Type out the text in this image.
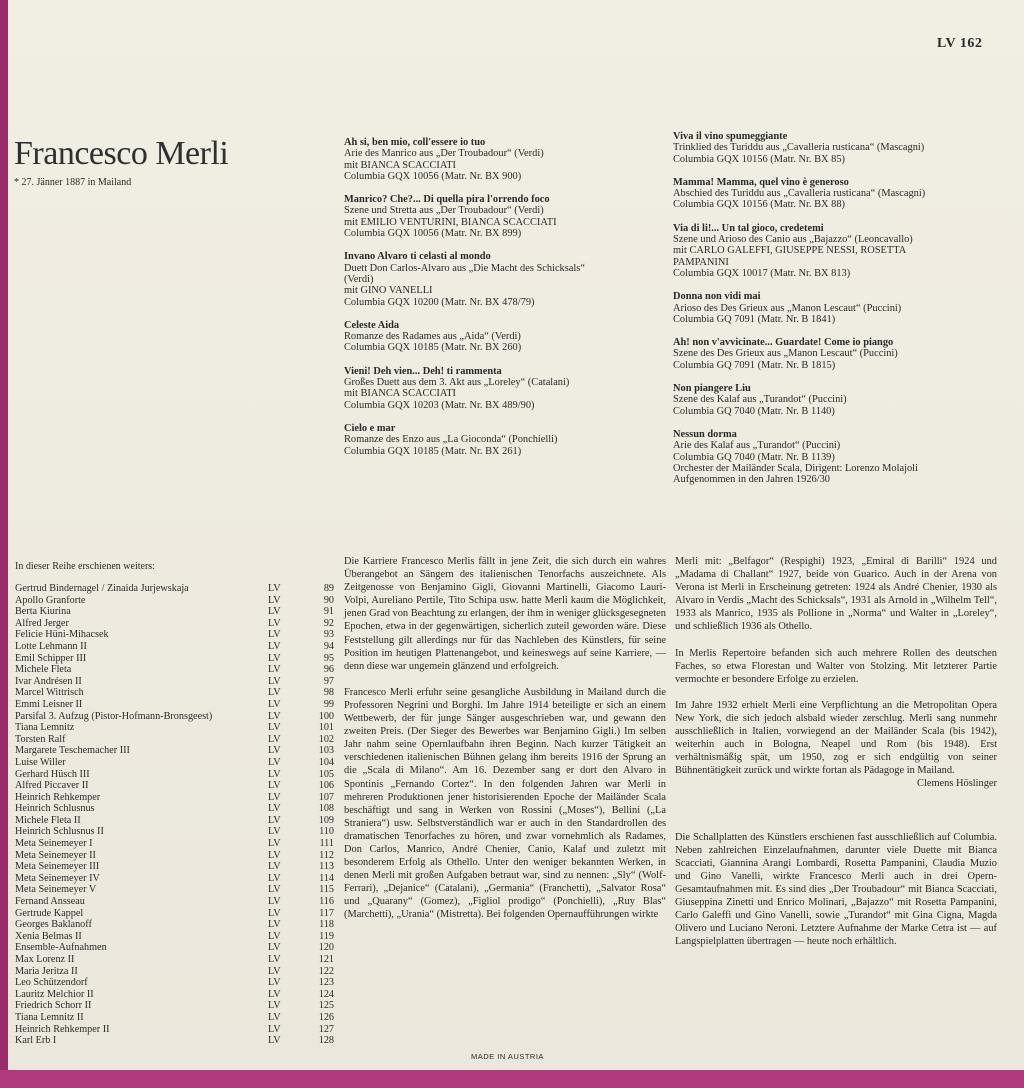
LV 162
Francesco Merli
* 27. Jänner 1887 in Mailand
Ah si, ben mio, coll'essere io tuo
Arie des Manrico aus „Der Troubadour“ (Verdi)
mit BIANCA SCACCIATI
Columbia GQX 10056 (Matr. Nr. BX 900)
Manrico? Che?... Di quella pira l'orrendo foco
Szene und Stretta aus „Der Troubadour“ (Verdi)
mit EMILIO VENTURINI, BIANCA SCACCIATI
Columbia GQX 10056 (Matr. Nr. BX 899)
Invano Alvaro ti celasti al mondo
Duett Don Carlos-Alvaro aus „Die Macht des Schicksals“
(Verdi)
mit GINO VANELLI
Columbia GQX 10200 (Matr. Nr. BX 478/79)
Celeste Aida
Romanze des Radames aus „Aida“ (Verdi)
Columbia GQX 10185 (Matr. Nr. BX 260)
Vieni! Deh vien... Deh! ti rammenta
Großes Duett aus dem 3. Akt aus „Loreley“ (Catalani)
mit BIANCA SCACCIATI
Columbia GQX 10203 (Matr. Nr. BX 489/90)
Cielo e mar
Romanze des Enzo aus „La Gioconda“ (Ponchielli)
Columbia GQX 10185 (Matr. Nr. BX 261)
Viva il vino spumeggiante
Trinklied des Turiddu aus „Cavalleria rusticana“ (Mascagni)
Columbia GQX 10156 (Matr. Nr. BX 85)
Mamma! Mamma, quel vino è generoso
Abschied des Turiddu aus „Cavalleria rusticana“ (Mascagni)
Columbia GQX 10156 (Matr. Nr. BX 88)
Via di li!... Un tal gioco, credetemi
Szene und Arioso des Canio aus „Bajazzo“ (Leoncavallo)
mit CARLO GALEFFI, GIUSEPPE NESSI, ROSETTA
PAMPANINI
Columbia GQX 10017 (Matr. Nr. BX 813)
Donna non vidi mai
Arioso des Des Grieux aus „Manon Lescaut“ (Puccini)
Columbia GQ 7091 (Matr. Nr. B 1841)
Ah! non v'avvicinate... Guardate! Come io piango
Szene des Des Grieux aus „Manon Lescaut“ (Puccini)
Columbia GQ 7091 (Matr. Nr. B 1815)
Non piangere Liu
Szene des Kalaf aus „Turandot“ (Puccini)
Columbia GQ 7040 (Matr. Nr. B 1140)
Nessun dorma
Arie des Kalaf aus „Turandot“ (Puccini)
Columbia GQ 7040 (Matr. Nr. B 1139)
Orchester der Mailänder Scala, Dirigent: Lorenzo Molajoli
Aufgenommen in den Jahren 1926/30
In dieser Reihe erschienen weiters:
Gertrud Bindernagel / Zinaida Jurjewskaja	LV	89
Apollo Granforte	LV	90
Berta Kiurina	LV	91
Alfred Jerger	LV	92
Felicie Hüni-Mihacsek	LV	93
Lotte Lehmann II	LV	94
Emil Schipper III	LV	95
Michele Fleta	LV	96
Ivar Andrésen II	LV	97
Marcel Wittrisch	LV	98
Emmi Leisner II	LV	99
Parsifal 3. Aufzug (Pistor-Hofmann-Bronsgeest)	LV	100
Tiana Lemnitz	LV	101
Torsten Ralf	LV	102
Margarete Teschemacher III	LV	103
Luise Willer	LV	104
Gerhard Hüsch III	LV	105
Alfred Piccaver II	LV	106
Heinrich Rehkemper	LV	107
Heinrich Schlusnus	LV	108
Michele Fleta II	LV	109
Heinrich Schlusnus II	LV	110
Meta Seinemeyer I	LV	111
Meta Seinemeyer II	LV	112
Meta Seinemeyer III	LV	113
Meta Seinemeyer IV	LV	114
Meta Seinemeyer V	LV	115
Fernand Ansseau	LV	116
Gertrude Kappel	LV	117
Georges Baklanoff	LV	118
Xenia Belmas II	LV	119
Ensemble-Aufnahmen	LV	120
Max Lorenz II	LV	121
Maria Jeritza II	LV	122
Leo Schützendorf	LV	123
Lauritz Melchior II	LV	124
Friedrich Schorr II	LV	125
Tiana Lemnitz II	LV	126
Heinrich Rehkemper II	LV	127
Karl Erb I	LV	128

Die Karriere Francesco Merlis fällt in jene Zeit, die sich durch ein wahres Überangebot an Sängern des italienischen Tenorfachs auszeichnete. Als Zeitgenosse von Benjamino Gigli, Giovanni Martinelli, Giacomo Lauri-Volpi, Aureliano Pertile, Tito Schipa usw. hatte Merli kaum die Möglichkeit, jenen Grad von Beachtung zu erlangen, der ihm in weniger glücksgesegneten Epochen, etwa in der gegenwärtigen, sicherlich zuteil geworden wäre. Diese Feststellung gilt allerdings nur für das Nachleben des Künstlers, für seine Position im heutigen Plattenangebot, und keineswegs auf seine Karriere, — denn diese war ungemein glänzend und erfolgreich.

Francesco Merli erfuhr seine gesangliche Ausbildung in Mailand durch die Professoren Negrini und Borghi. Im Jahre 1914 beteiligte er sich an einem Wettbewerb, der für junge Sänger ausgeschrieben war, und gewann den zweiten Preis. (Der Sieger des Bewerbes war Benjamino Gigli.) Im selben Jahr nahm seine Opernlaufbahn ihren Beginn. Nach kurzer Tätigkeit an verschiedenen italienischen Bühnen gelang ihm bereits 1916 der Sprung an die „Scala di Milano“. Am 16. Dezember sang er dort den Alvaro in Spontinis „Fernando Cortez“. In den folgenden Jahren war Merli in mehreren Produktionen jener historisierenden Epoche der Mailänder Scala beschäftigt und sang in Werken von Rossini („Moses“), Bellini („La Straniera“) usw. Selbstverständlich war er auch in den Standardrollen des dramatischen Tenorfaches zu hören, und zwar vornehmlich als Radames, Don Carlos, Manrico, André Chenier, Canio, Kalaf und zuletzt mit besonderem Erfolg als Othello. Unter den weniger bekannten Werken, in denen Merli mit großen Aufgaben betraut war, sind zu nennen: „Sly“ (Wolf-Ferrari), „Dejanice“ (Catalani), „Germania“ (Franchetti), „Salvator Rosa“ und „Quarany“ (Gomez), „Figliol prodigo“ (Ponchielli), „Ruy Blas“ (Marchetti), „Urania“ (Mistretta). Bei folgenden Opernaufführungen wirkte

Merli mit: „Belfagor“ (Respighi) 1923, „Emiral di Barilli“ 1924 und „Madama di Challant“ 1927, beide von Guarico. Auch in der Arena von Verona ist Merli in Erscheinung getreten: 1924 als André Chenier, 1930 als Alvaro in Verdis „Macht des Schicksals“, 1931 als Arnold in „Wilhelm Tell“, 1933 als Manrico, 1935 als Pollione in „Norma“ und Walter in „Loreley“, und schließlich 1936 als Othello.

In Merlis Repertoire befanden sich auch mehrere Rollen des deutschen Faches, so etwa Florestan und Walter von Stolzing. Mit letzterer Partie vermochte er besondere Erfolge zu erzielen.

Im Jahre 1932 erhielt Merli eine Verpflichtung an die Metropolitan Opera New York, die sich jedoch alsbald wieder zerschlug. Merli sang nunmehr ausschließlich in Italien, vorwiegend an der Mailänder Scala (bis 1942), weiterhin auch in Bologna, Neapel und Rom (bis 1948). Erst verhältnismäßig spät, um 1950, zog er sich endgültig von seiner Bühnentätigkeit zurück und wirkte fortan als Pädagoge in Mailand.

Clemens Höslinger

Die Schallplatten des Künstlers erschienen fast ausschließlich auf Columbia. Neben zahlreichen Einzelaufnahmen, darunter viele Duette mit Bianca Scacciati, Giannina Arangi Lombardi, Rosetta Pampanini, Claudia Muzio und Gino Vanelli, wirkte Francesco Merli auch in drei Opern-Gesamtaufnahmen mit. Es sind dies „Der Troubadour“ mit Bianca Scacciati, Giuseppina Zinetti und Enrico Molinari, „Bajazzo“ mit Rosetta Pampanini, Carlo Galeffi und Gino Vanelli, sowie „Turandot“ mit Gina Cigna, Magda Olivero und Luciano Neroni. Letztere Aufnahme der Marke Cetra ist — auf Langspielplatten übertragen — heute noch erhältlich.

MADE IN AUSTRIA
